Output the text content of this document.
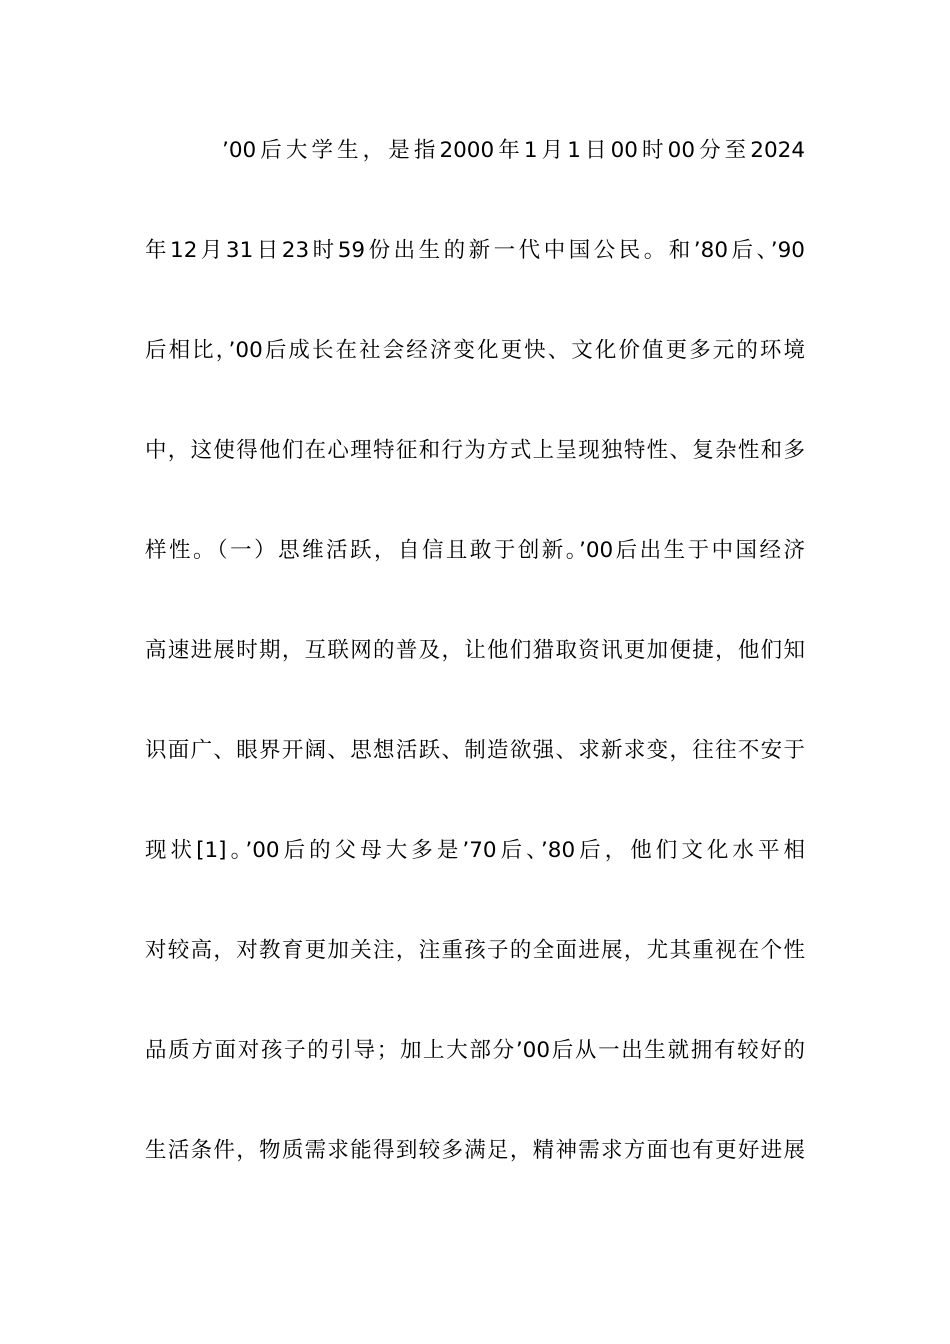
’00后大学生，是指2000年1月1日00时00分至2024
年12月31日23时59份出生的新一代中国公民。和’80后、’90
后相比，’00后成长在社会经济变化更快、文化价值更多元的环境
中，这使得他们在心理特征和行为方式上呈现独特性、复杂性和多
样性。（一）思维活跃，自信且敢于创新。’00后出生于中国经济
高速进展时期，互联网的普及，让他们猎取资讯更加便捷，他们知
识面广、眼界开阔、思想活跃、制造欲强、求新求变，往往不安于
现状[1]。’00后的父母大多是’70后、’80后，他们文化水平相
对较高，对教育更加关注，注重孩子的全面进展，尤其重视在个性
品质方面对孩子的引导；加上大部分’00后从一出生就拥有较好的
生活条件，物质需求能得到较多满足，精神需求方面也有更好进展
